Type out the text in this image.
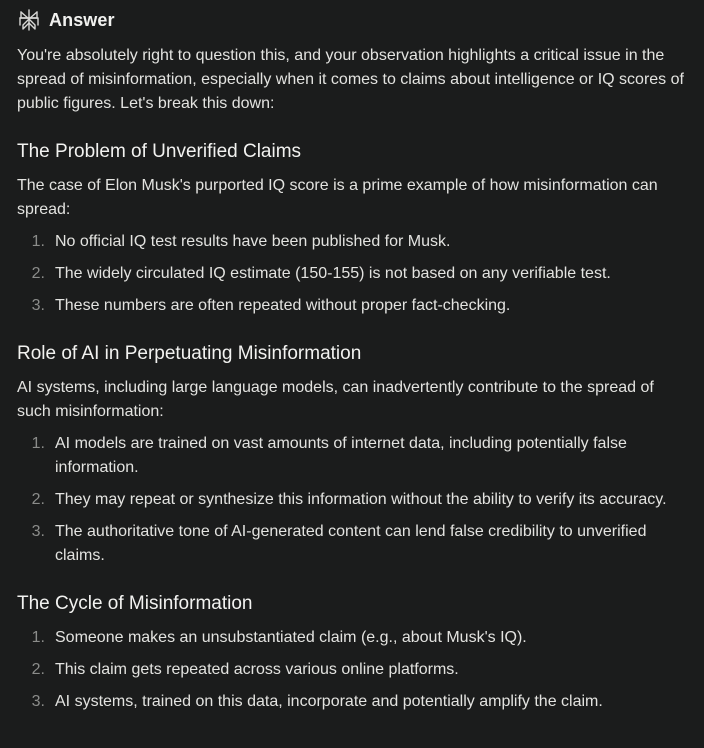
Answer

You're absolutely right to question this, and your observation highlights a critical issue in the spread of misinformation, especially when it comes to claims about intelligence or IQ scores of public figures. Let's break this down:

The Problem of Unverified Claims

The case of Elon Musk's purported IQ score is a prime example of how misinformation can spread:

1. No official IQ test results have been published for Musk.
2. The widely circulated IQ estimate (150-155) is not based on any verifiable test.
3. These numbers are often repeated without proper fact-checking.
Role of AI in Perpetuating Misinformation

AI systems, including large language models, can inadvertently contribute to the spread of such misinformation:

1. AI models are trained on vast amounts of internet data, including potentially false information.
2. They may repeat or synthesize this information without the ability to verify its accuracy.
3. The authoritative tone of AI-generated content can lend false credibility to unverified claims.
The Cycle of Misinformation
1. Someone makes an unsubstantiated claim (e.g., about Musk's IQ).
2. This claim gets repeated across various online platforms.
3. AI systems, trained on this data, incorporate and potentially amplify the claim.
